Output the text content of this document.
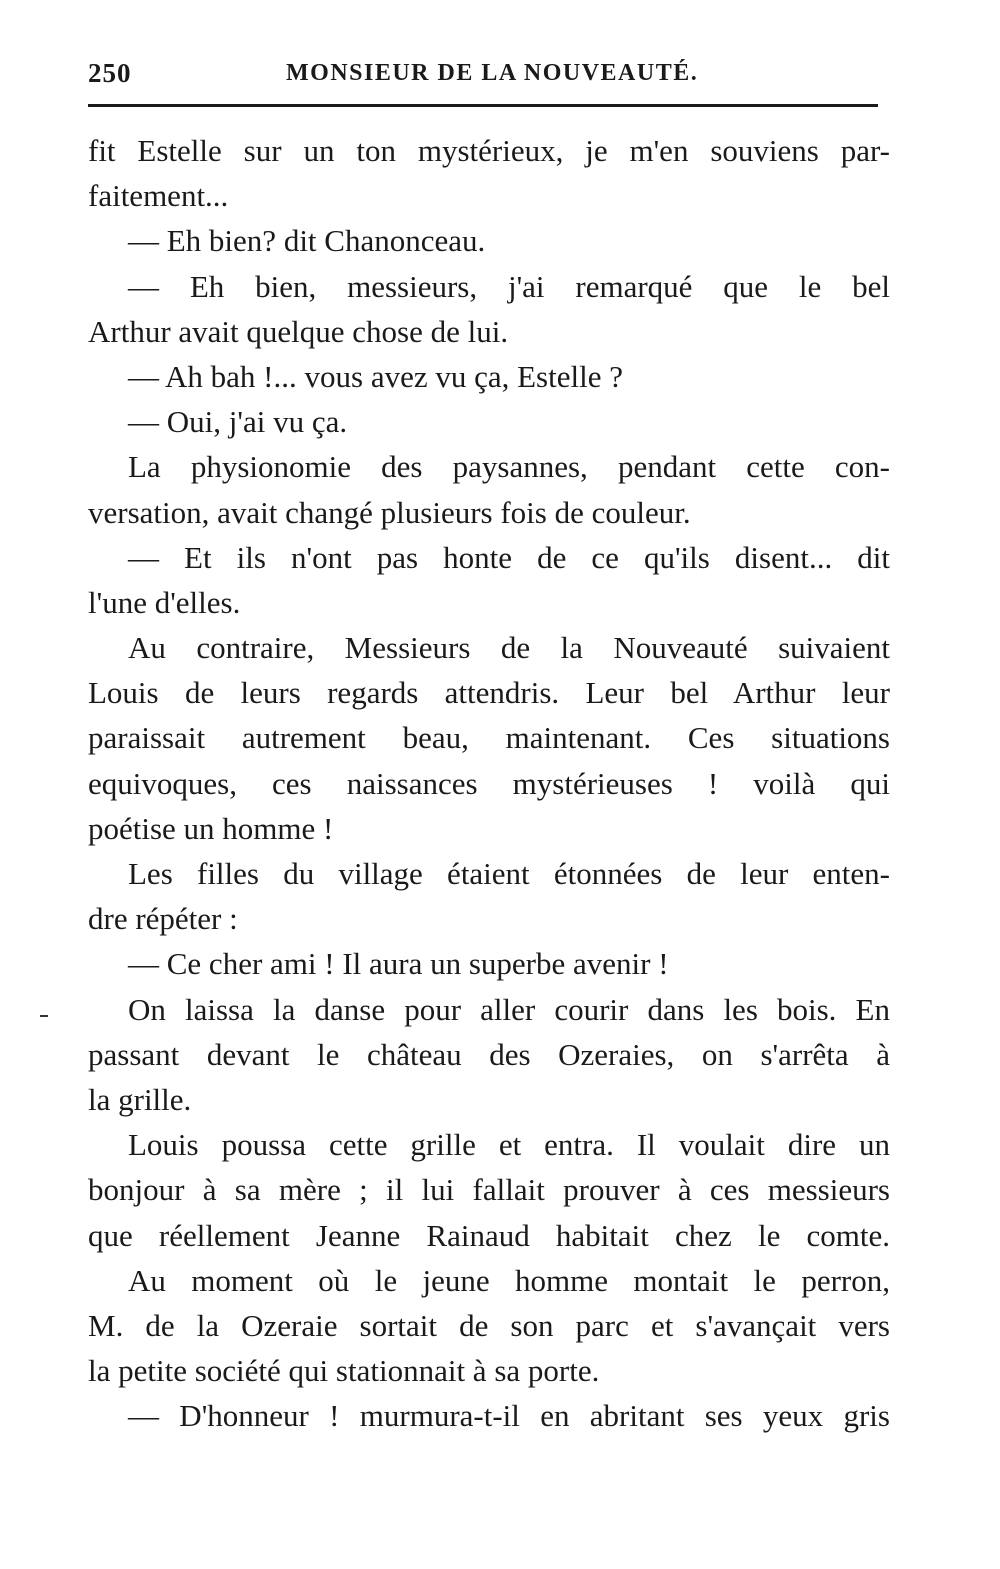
250	MONSIEUR DE LA NOUVEAUTÉ.
fit Estelle sur un ton mystérieux, je m'en souviens par-
faitement...
— Eh bien? dit Chanonceau.
— Eh bien, messieurs, j'ai remarqué que le bel
Arthur avait quelque chose de lui.
— Ah bah !... vous avez vu ça, Estelle ?
— Oui, j'ai vu ça.
La physionomie des paysannes, pendant cette con-
versation, avait changé plusieurs fois de couleur.
— Et ils n'ont pas honte de ce qu'ils disent... dit
l'une d'elles.
Au contraire, Messieurs de la Nouveauté suivaient
Louis de leurs regards attendris. Leur bel Arthur leur
paraissait autrement beau, maintenant. Ces situations
equivoques, ces naissances mystérieuses ! voilà qui
poétise un homme !
Les filles du village étaient étonnées de leur enten-
dre répéter :
— Ce cher ami ! Il aura un superbe avenir !
On laissa la danse pour aller courir dans les bois. En
passant devant le château des Ozeraies, on s'arrêta à
la grille.
Louis poussa cette grille et entra. Il voulait dire un
bonjour à sa mère ; il lui fallait prouver à ces messieurs
que réellement Jeanne Rainaud habitait chez le comte.
Au moment où le jeune homme montait le perron,
M. de la Ozeraie sortait de son parc et s'avançait vers
la petite société qui stationnait à sa porte.
— D'honneur ! murmura-t-il en abritant ses yeux gris
